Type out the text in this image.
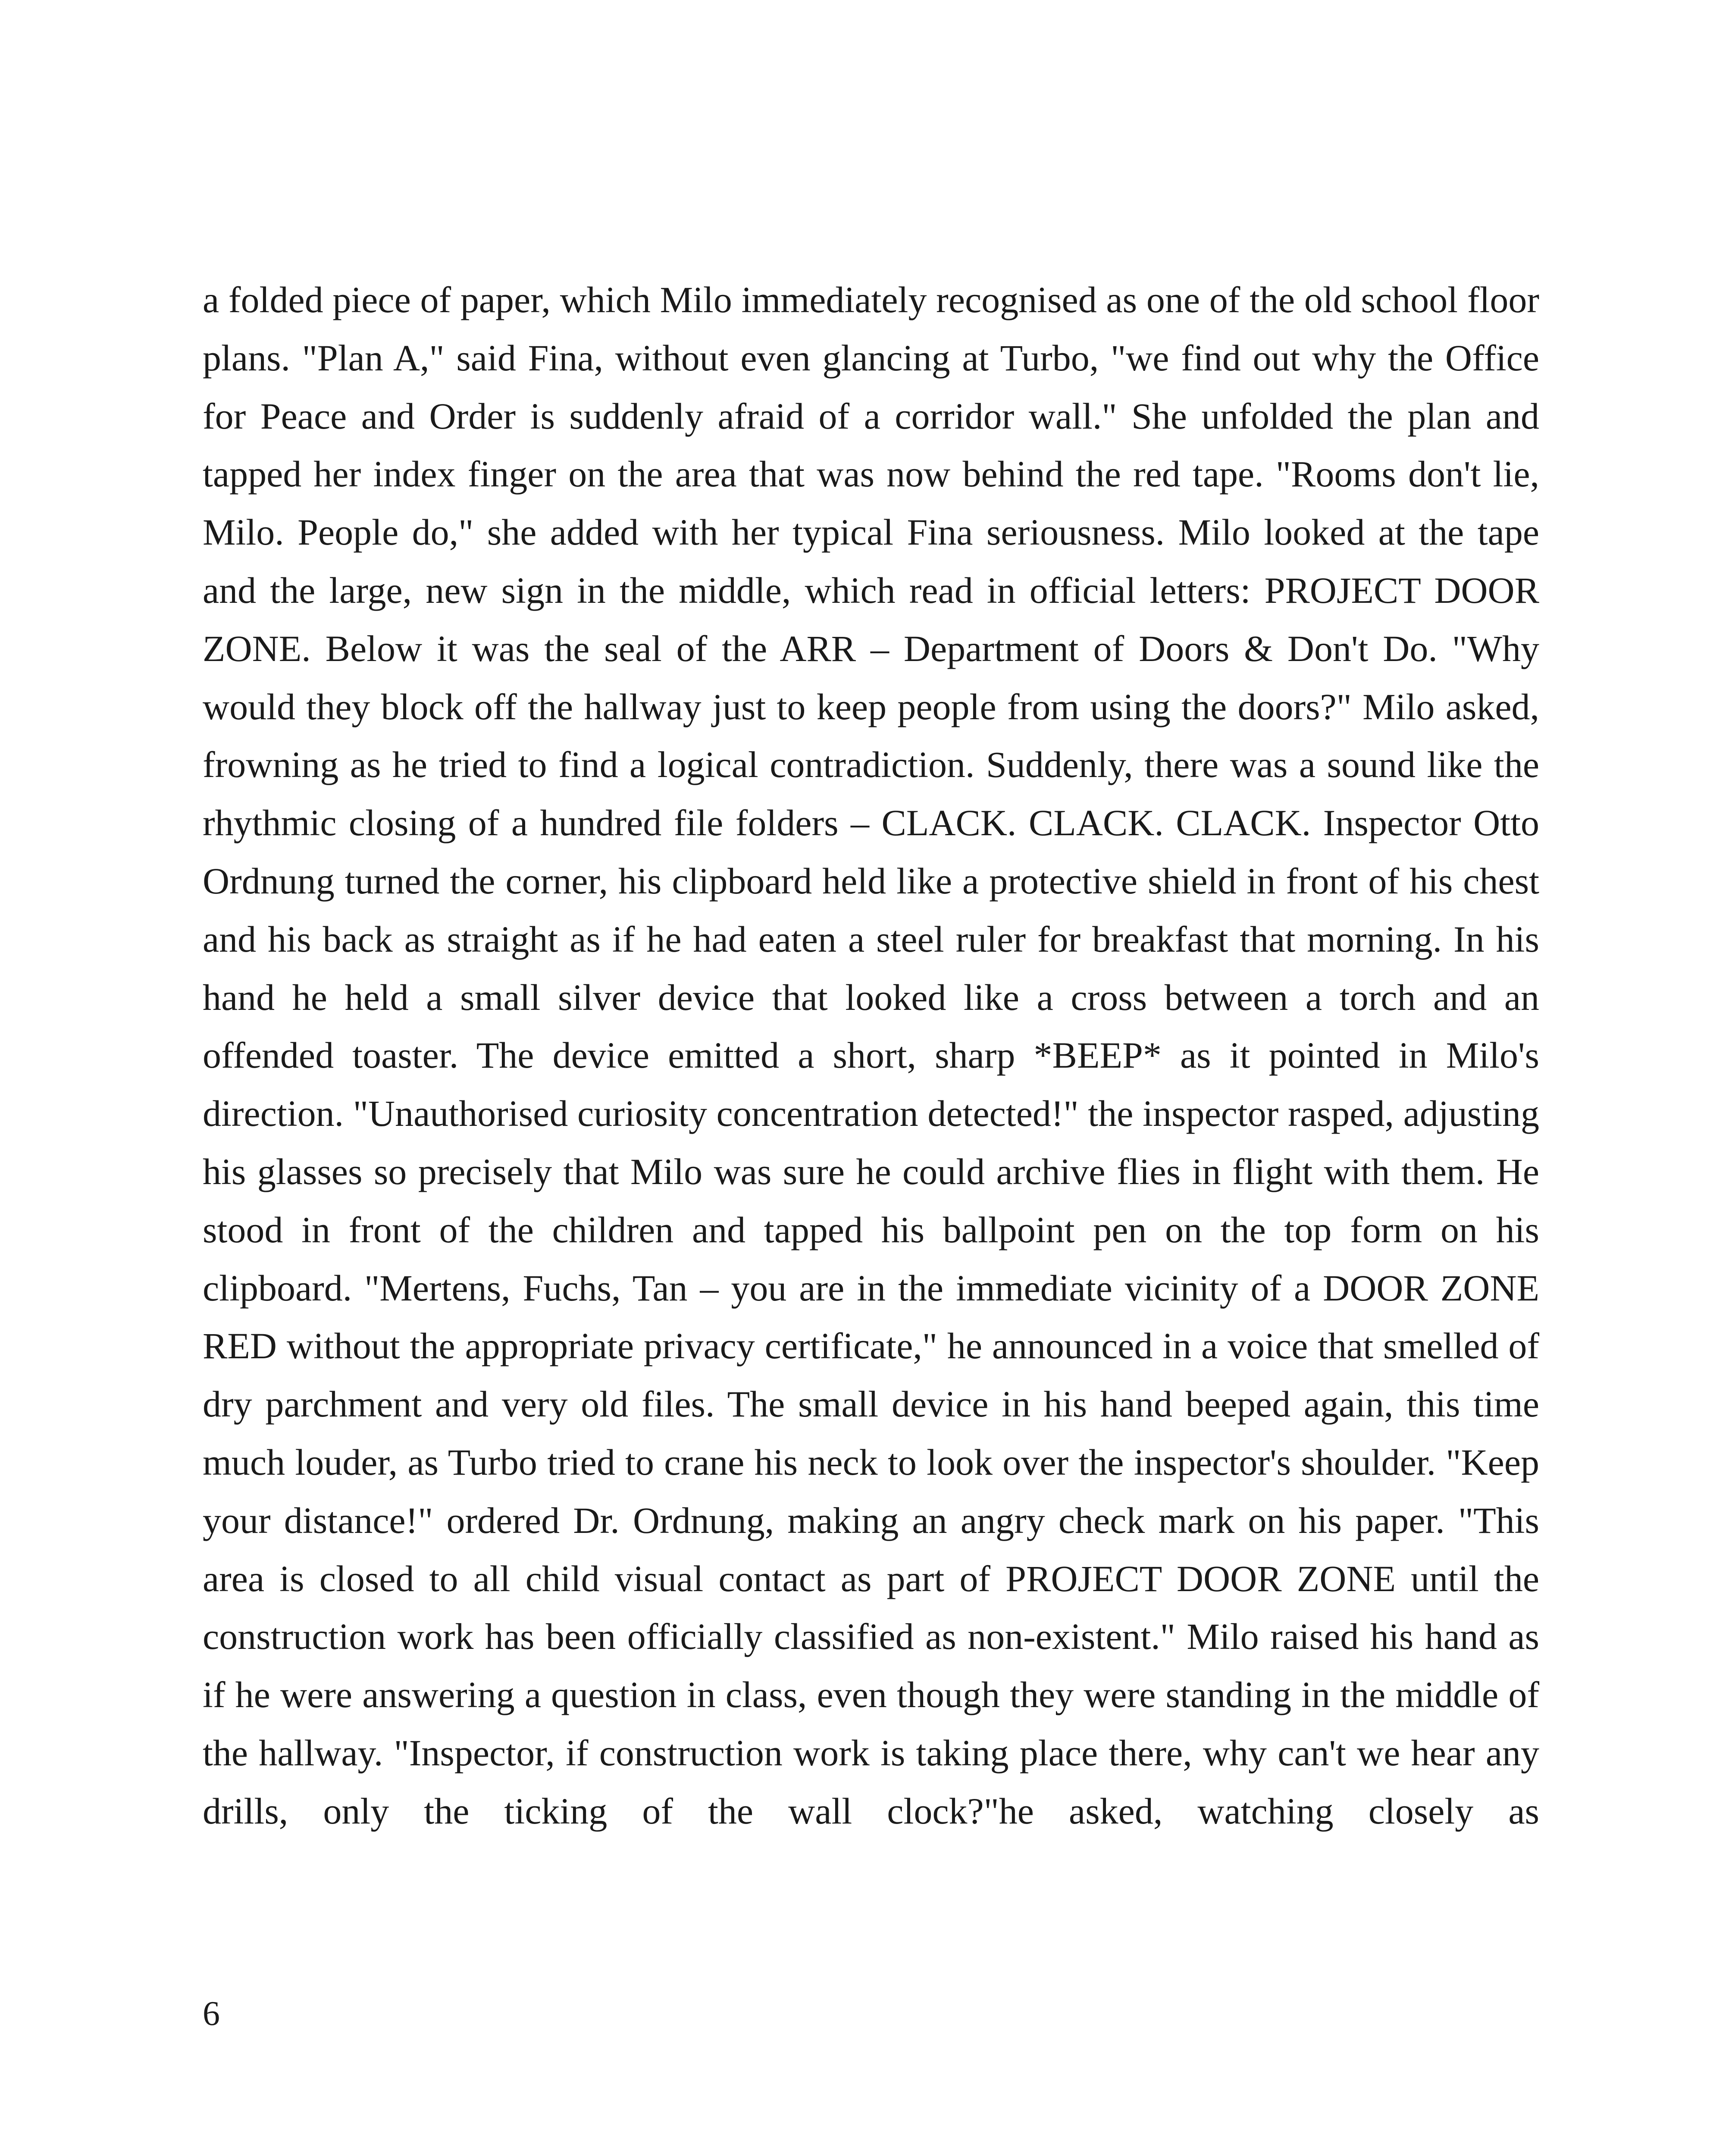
a folded piece of paper, which Milo immediately recognised as one of the old school floor plans. "Plan A," said Fina, without even glancing at Turbo, "we find out why the Office for Peace and Order is suddenly afraid of a corridor wall." She unfolded the plan and tapped her index finger on the area that was now behind the red tape. "Rooms don't lie, Milo. People do," she added with her typical Fina seriousness. Milo looked at the tape and the large, new sign in the middle, which read in official letters: PROJECT DOOR ZONE. Below it was the seal of the ARR – Department of Doors & Don't Do. "Why would they block off the hallway just to keep people from using the doors?" Milo asked, frowning as he tried to find a logical contradiction. Suddenly, there was a sound like the rhythmic closing of a hundred file folders – CLACK. CLACK. CLACK. Inspector Otto Ordnung turned the corner, his clipboard held like a protective shield in front of his chest and his back as straight as if he had eaten a steel ruler for breakfast that morning. In his hand he held a small silver device that looked like a cross between a torch and an offended toaster. The device emitted a short, sharp *BEEP* as it pointed in Milo's direction. "Unauthorised curiosity concentration detected!" the inspector rasped, adjusting his glasses so precisely that Milo was sure he could archive flies in flight with them. He stood in front of the children and tapped his ballpoint pen on the top form on his clipboard. "Mertens, Fuchs, Tan – you are in the immediate vicinity of a DOOR ZONE RED without the appropriate privacy certificate," he announced in a voice that smelled of dry parchment and very old files. The small device in his hand beeped again, this time much louder, as Turbo tried to crane his neck to look over the inspector's shoulder. "Keep your distance!" ordered Dr. Ordnung, making an angry check mark on his paper. "This area is closed to all child visual contact as part of PROJECT DOOR ZONE until the construction work has been officially classified as non-existent." Milo raised his hand as if he were answering a question in class, even though they were standing in the middle of the hallway. "Inspector, if construction work is taking place there, why can't we hear any drills, only the ticking of the wall clock?"he asked, watching closely as

6
